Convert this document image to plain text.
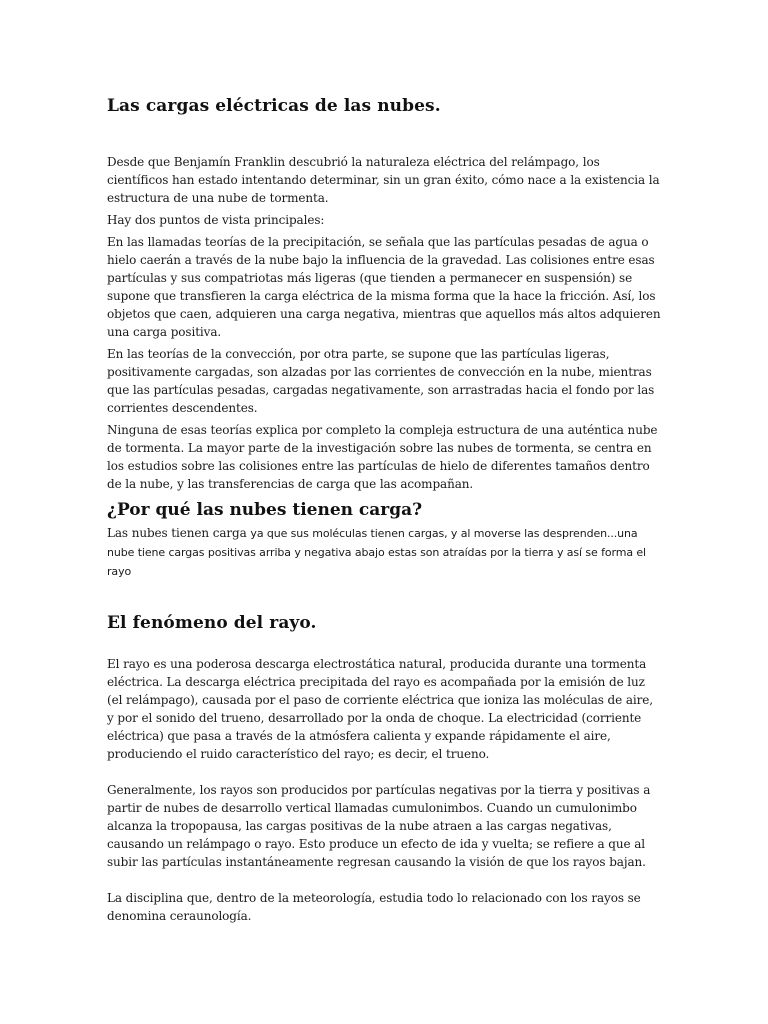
Las cargas eléctricas de las nubes.

Desde que Benjamín Franklin descubrió la naturaleza eléctrica del relámpago, los científicos han estado intentando determinar, sin un gran éxito, cómo nace a la existencia la estructura de una nube de tormenta.

Hay dos puntos de vista principales:

En las llamadas teorías de la precipitación, se señala que las partículas pesadas de agua o hielo caerán a través de la nube bajo la influencia de la gravedad. Las colisiones entre esas partículas y sus compatriotas más ligeras (que tienden a permanecer en suspensión) se supone que transfieren la carga eléctrica de la misma forma que la hace la fricción. Así, los objetos que caen, adquieren una carga negativa, mientras que aquellos más altos adquieren una carga positiva.

En las teorías de la convección, por otra parte, se supone que las partículas ligeras, positivamente cargadas, son alzadas por las corrientes de convección en la nube, mientras que las partículas pesadas, cargadas negativamente, son arrastradas hacia el fondo por las corrientes descendentes.

Ninguna de esas teorías explica por completo la compleja estructura de una auténtica nube de tormenta. La mayor parte de la investigación sobre las nubes de tormenta, se centra en los estudios sobre las colisiones entre las partículas de hielo de diferentes tamaños dentro de la nube, y las transferencias de carga que las acompañan.

¿Por qué las nubes tienen carga?

Las nubes tienen carga ya que sus moléculas tienen cargas, y al moverse las desprenden...una nube tiene cargas positivas arriba y negativa abajo estas son atraídas por la tierra y así se forma el rayo

El fenómeno del rayo.

El rayo es una poderosa descarga electrostática natural, producida durante una tormenta eléctrica. La descarga eléctrica precipitada del rayo es acompañada por la emisión de luz (el relámpago), causada por el paso de corriente eléctrica que ioniza las moléculas de aire, y por el sonido del trueno, desarrollado por la onda de choque. La electricidad (corriente eléctrica) que pasa a través de la atmósfera calienta y expande rápidamente el aire, produciendo el ruido característico del rayo; es decir, el trueno.

Generalmente, los rayos son producidos por partículas negativas por la tierra y positivas a partir de nubes de desarrollo vertical llamadas cumulonimbos. Cuando un cumulonimbo alcanza la tropopausa, las cargas positivas de la nube atraen a las cargas negativas, causando un relámpago o rayo. Esto produce un efecto de ida y vuelta; se refiere a que al subir las partículas instantáneamente regresan causando la visión de que los rayos bajan.

La disciplina que, dentro de la meteorología, estudia todo lo relacionado con los rayos se denomina ceraunología.
